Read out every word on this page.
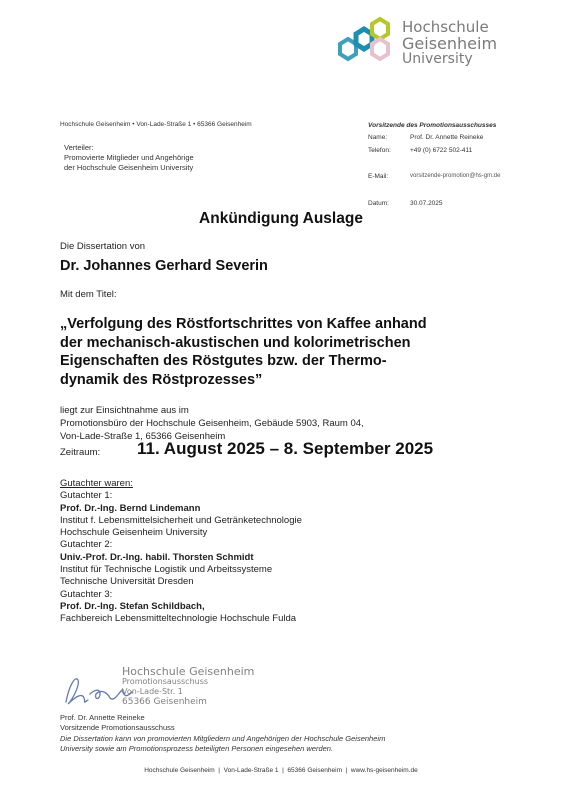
Hochschule
Geisenheim
University
Hochschule Geisenheim • Von-Lade-Straße 1 • 65366 Geisenheim
Verteiler:
Promovierte Mitglieder und Angehörige
der Hochschule Geisenheim University
Vorsitzende des Promotionsausschusses
Name:	Prof. Dr. Annette Reineke
Telefon:	+49 (0) 6722 502-411
E-Mail:	vorsitzende-promotion@hs-gm.de
Datum:	30.07.2025
Ankündigung Auslage
Die Dissertation von
Dr. Johannes Gerhard Severin
Mit dem Titel:
„Verfolgung des Röstfortschrittes von Kaffee anhand
der mechanisch-akustischen und kolorimetrischen
Eigenschaften des Röstgutes bzw. der Thermo-
dynamik des Röstprozesses”
liegt zur Einsichtnahme aus im
Promotionsbüro der Hochschule Geisenheim, Gebäude 5903, Raum 04,
Von-Lade-Straße 1, 65366 Geisenheim
Zeitraum: 11. August 2025 – 8. September 2025
Gutachter waren:
Gutachter 1:
Prof. Dr.-Ing. Bernd Lindemann
Institut f. Lebensmittelsicherheit und Getränketechnologie
Hochschule Geisenheim University
Gutachter 2:
Univ.-Prof. Dr.-Ing. habil. Thorsten Schmidt
Institut für Technische Logistik und Arbeitssysteme
Technische Universität Dresden
Gutachter 3:
Prof. Dr.-Ing. Stefan Schildbach,
Fachbereich Lebensmitteltechnologie Hochschule Fulda
Hochschule Geisenheim
Promotionsausschuss
Von-Lade-Str. 1
65366 Geisenheim
Prof. Dr. Annette Reineke
Vorsitzende Promotionsausschuss
Die Dissertation kann von promovierten Mitgliedern und Angehörigen der Hochschule Geisenheim
University sowie am Promotionsprozess beteiligten Personen eingesehen werden.
Hochschule Geisenheim  |  Von-Lade-Straße 1  |  65366 Geisenheim  |  www.hs-geisenheim.de
